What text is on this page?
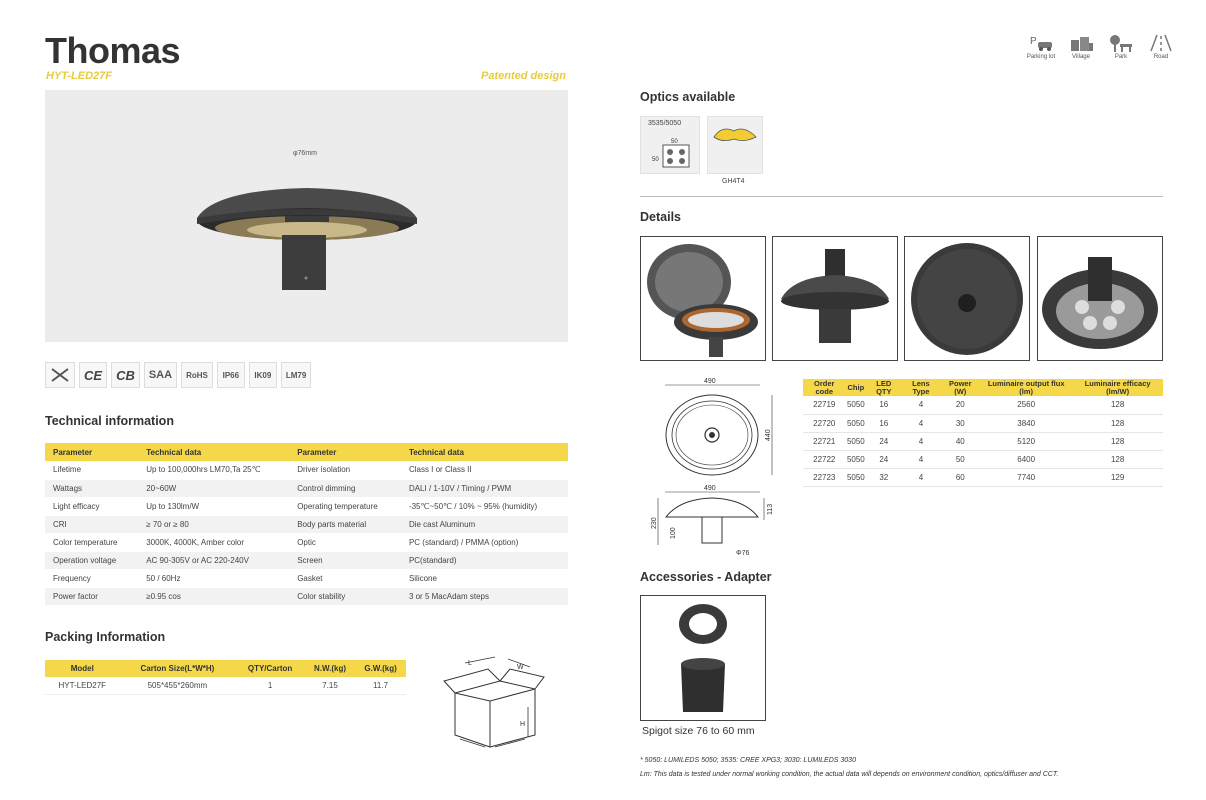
Thomas
HYT-LED27F	Patented design
φ76mm
CE	CB	SAA	RoHS	IP66	IK09	LM79
Technical information
Parameter	Technical data	Parameter	Technical data
Lifetime	Up to 100,000hrs LM70,Ta 25℃	Driver isolation	Class I or Class II
Wattags	20~60W	Control dimming	DALI / 1-10V / Timing / PWM
Light efficacy	Up to 130lm/W	Operating temperature	-35℃~50℃ / 10% ~ 95% (humidity)
CRI	≥ 70 or ≥ 80	Body parts material	Die cast Aluminum
Color temperature	3000K, 4000K, Amber color	Optic	PC (standard) / PMMA (option)
Operation voltage	AC 90-305V or AC 220-240V	Screen	PC(standard)
Frequency	50 / 60Hz	Gasket	Silicone
Power factor	≥0.95 cos	Color stability	3 or 5 MacAdam steps
Packing Information
Model	Carton Size(L*W*H)	QTY/Carton	N.W.(kg)	G.W.(kg)
HYT-LED27F	505*455*260mm	1	7.15	11.7
L
W
H
P
Parking lot	Village	Park	Road
Optics available
3535/5050
50
50
GH4T4
Details
490
440
490
230
100
113
Φ76
Order code	Chip	LED QTY	Lens Type	Power (W)	Luminaire output flux (lm)	Luminaire efficacy (lm/W)
22719	5050	16	4	20	2560	128
22720	5050	16	4	30	3840	128
22721	5050	24	4	40	5120	128
22722	5050	24	4	50	6400	128
22723	5050	32	4	60	7740	129
Accessories - Adapter
Spigot size 76 to 60 mm
* 5050: LUMILEDS 5050; 3535: CREE XPG3; 3030: LUMILEDS 3030
Lm: This data is tested under normal working condition, the actual data will depends on environment condition, optics/diffuser and CCT.
